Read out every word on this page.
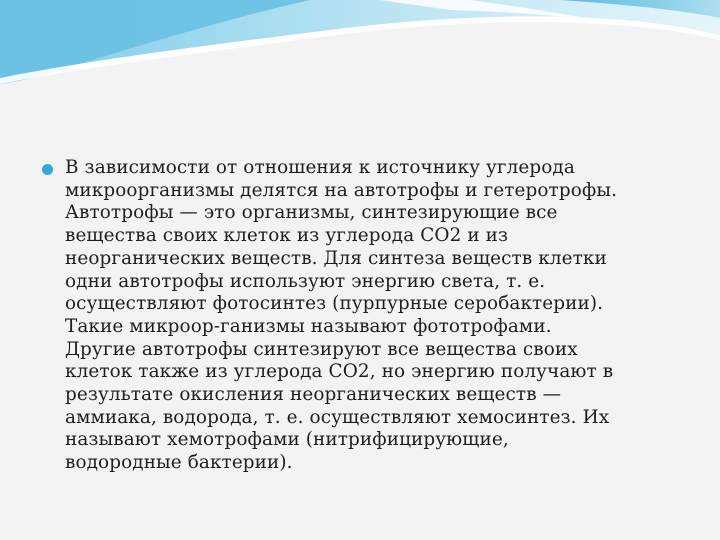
В зависимости от отношения к источнику углерода
микроорганизмы делятся на автотрофы и гетеротрофы.
Автотрофы — это организмы, синтезирующие все
вещества своих клеток из углерода СО2 и из
неорганических веществ. Для синтеза веществ клетки
одни автотрофы используют энергию света, т. е.
осуществляют фотосинтез (пурпурные серобактерии).
Такие микроор-ганизмы называют фототрофами.
Другие автотрофы синтезируют все вещества своих
клеток также из углерода СО2, но энергию получают в
результате окисления неорганических веществ —
аммиака, водорода, т. е. осуществляют хемосинтез. Их
называют хемотрофами (нитрифицирующие,
водородные бактерии).
